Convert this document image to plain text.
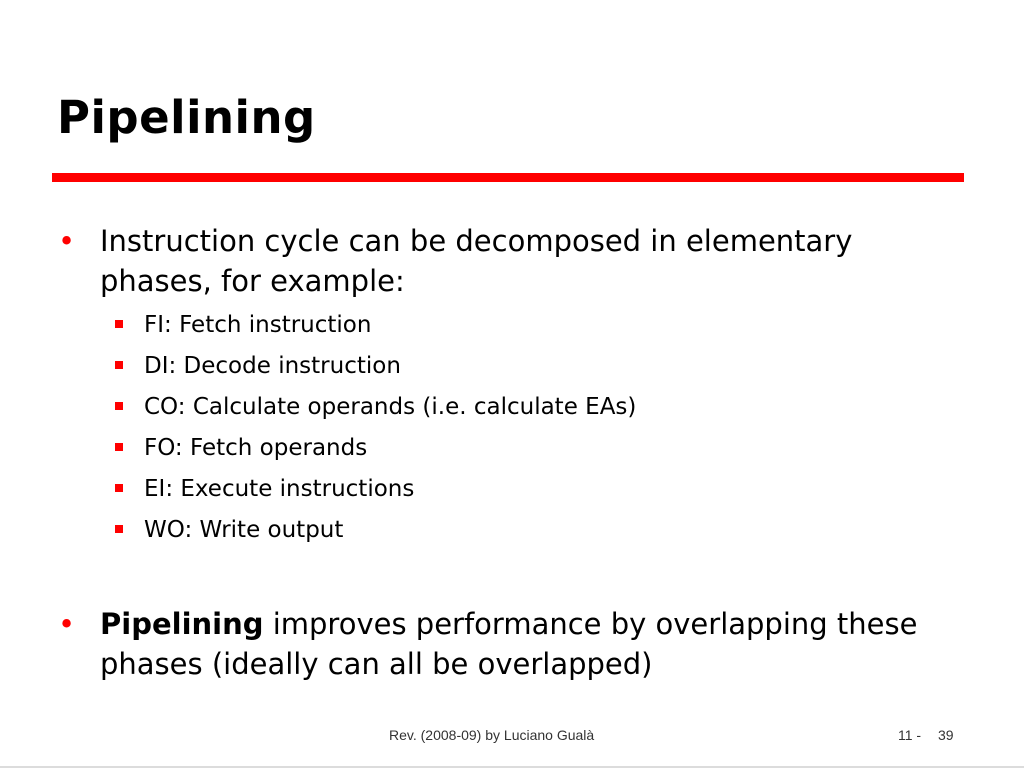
Pipelining
• Instruction cycle can be decomposed in elementary phases, for example:
FI: Fetch instruction
DI: Decode instruction
CO: Calculate operands (i.e. calculate EAs)
FO: Fetch operands
EI: Execute instructions
WO: Write output
• Pipelining improves performance by overlapping these phases (ideally can all be overlapped)
Rev. (2008-09) by Luciano Gualà	11 - 39
